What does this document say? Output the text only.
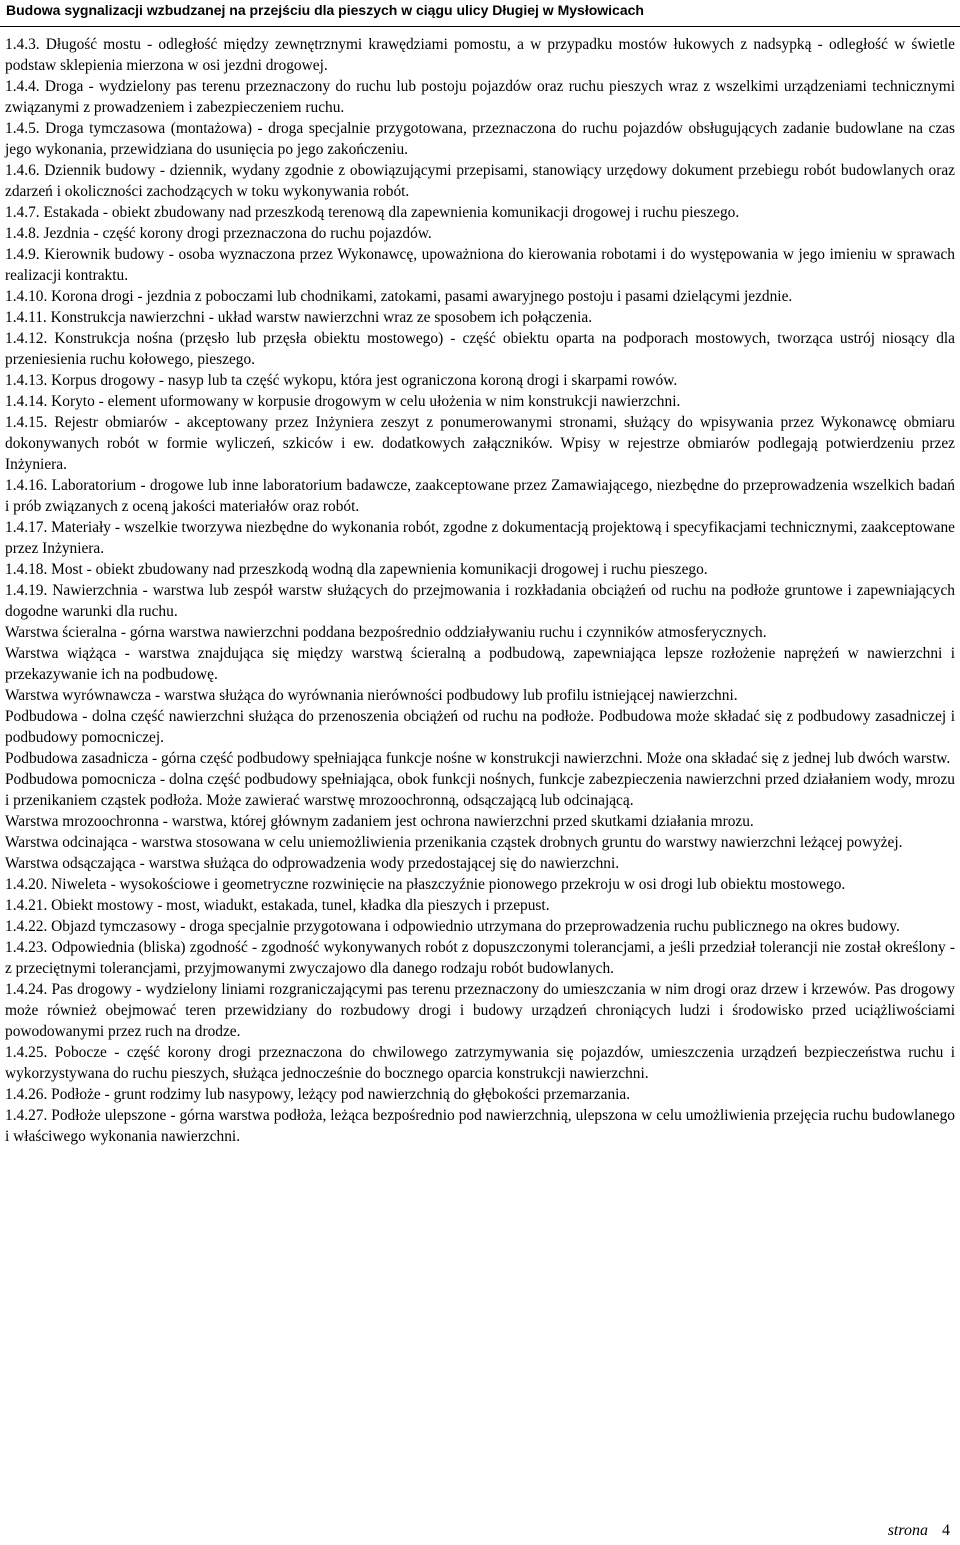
Budowa sygnalizacji wzbudzanej na przejściu dla pieszych w ciągu ulicy Długiej w Mysłowicach

1.4.3. Długość mostu - odległość między zewnętrznymi krawędziami pomostu, a w przypadku mostów łukowych z nadsypką - odległość w świetle podstaw sklepienia mierzona w osi jezdni drogowej.

1.4.4. Droga - wydzielony pas terenu przeznaczony do ruchu lub postoju pojazdów oraz ruchu pieszych wraz z wszelkimi urządzeniami technicznymi związanymi z prowadzeniem i zabezpieczeniem ruchu.

1.4.5. Droga tymczasowa (montażowa) - droga specjalnie przygotowana, przeznaczona do ruchu pojazdów obsługujących zadanie budowlane na czas jego wykonania, przewidziana do usunięcia po jego zakończeniu.

1.4.6. Dziennik budowy - dziennik, wydany zgodnie z obowiązującymi przepisami, stanowiący urzędowy dokument przebiegu robót budowlanych oraz zdarzeń i okoliczności zachodzących w toku wykonywania robót.

1.4.7. Estakada - obiekt zbudowany nad przeszkodą terenową dla zapewnienia komunikacji drogowej i ruchu pieszego.

1.4.8. Jezdnia - część korony drogi przeznaczona do ruchu pojazdów.

1.4.9. Kierownik budowy - osoba wyznaczona przez Wykonawcę, upoważniona do kierowania robotami i do występowania w jego imieniu w sprawach realizacji kontraktu.

1.4.10. Korona drogi - jezdnia z poboczami lub chodnikami, zatokami, pasami awaryjnego postoju i pasami dzielącymi jezdnie.

1.4.11. Konstrukcja nawierzchni - układ warstw nawierzchni wraz ze sposobem ich połączenia.

1.4.12. Konstrukcja nośna (przęsło lub przęsła obiektu mostowego) - część obiektu oparta na podporach mostowych, tworząca ustrój niosący dla przeniesienia ruchu kołowego, pieszego.

1.4.13. Korpus drogowy - nasyp lub ta część wykopu, która jest ograniczona koroną drogi i skarpami rowów.

1.4.14. Koryto - element uformowany w korpusie drogowym w celu ułożenia w nim konstrukcji nawierzchni.

1.4.15. Rejestr obmiarów - akceptowany przez Inżyniera zeszyt z ponumerowanymi stronami, służący do wpisywania przez Wykonawcę obmiaru dokonywanych robót w formie wyliczeń, szkiców i ew. dodatkowych załączników. Wpisy w rejestrze obmiarów podlegają potwierdzeniu przez Inżyniera.

1.4.16. Laboratorium - drogowe lub inne laboratorium badawcze, zaakceptowane przez Zamawiającego, niezbędne do przeprowadzenia wszelkich badań i prób związanych z oceną jakości materiałów oraz robót.

1.4.17. Materiały - wszelkie tworzywa niezbędne do wykonania robót, zgodne z dokumentacją projektową i specyfikacjami technicznymi, zaakceptowane przez Inżyniera.

1.4.18. Most - obiekt zbudowany nad przeszkodą wodną dla zapewnienia komunikacji drogowej i ruchu pieszego.

1.4.19. Nawierzchnia - warstwa lub zespół warstw służących do przejmowania i rozkładania obciążeń od ruchu na podłoże gruntowe i zapewniających dogodne warunki dla ruchu.

Warstwa ścieralna - górna warstwa nawierzchni poddana bezpośrednio oddziaływaniu ruchu i czynników atmosferycznych.

Warstwa wiążąca - warstwa znajdująca się między warstwą ścieralną a podbudową, zapewniająca lepsze rozłożenie naprężeń w nawierzchni i przekazywanie ich na podbudowę.

Warstwa wyrównawcza - warstwa służąca do wyrównania nierówności podbudowy lub profilu istniejącej nawierzchni.

Podbudowa - dolna część nawierzchni służąca do przenoszenia obciążeń od ruchu na podłoże. Podbudowa może składać się z podbudowy zasadniczej i podbudowy pomocniczej.

Podbudowa zasadnicza - górna część podbudowy spełniająca funkcje nośne w konstrukcji nawierzchni. Może ona składać się z jednej lub dwóch warstw.

Podbudowa pomocnicza - dolna część podbudowy spełniająca, obok funkcji nośnych, funkcje zabezpieczenia nawierzchni przed działaniem wody, mrozu i przenikaniem cząstek podłoża. Może zawierać warstwę mrozoochronną, odsączającą lub odcinającą.

Warstwa mrozoochronna - warstwa, której głównym zadaniem jest ochrona nawierzchni przed skutkami działania mrozu.

Warstwa odcinająca - warstwa stosowana w celu uniemożliwienia przenikania cząstek drobnych gruntu do warstwy nawierzchni leżącej powyżej.

Warstwa odsączająca - warstwa służąca do odprowadzenia wody przedostającej się do nawierzchni.

1.4.20. Niweleta - wysokościowe i geometryczne rozwinięcie na płaszczyźnie pionowego przekroju w osi drogi lub obiektu mostowego.

1.4.21. Obiekt mostowy - most, wiadukt, estakada, tunel, kładka dla pieszych i przepust.

1.4.22. Objazd tymczasowy - droga specjalnie przygotowana i odpowiednio utrzymana do przeprowadzenia ruchu publicznego na okres budowy.

1.4.23. Odpowiednia (bliska) zgodność - zgodność wykonywanych robót z dopuszczonymi tolerancjami, a jeśli przedział tolerancji nie został określony - z przeciętnymi tolerancjami, przyjmowanymi zwyczajowo dla danego rodzaju robót budowlanych.

1.4.24. Pas drogowy - wydzielony liniami rozgraniczającymi pas terenu przeznaczony do umieszczania w nim drogi oraz drzew i krzewów. Pas drogowy może również obejmować teren przewidziany do rozbudowy drogi i budowy urządzeń chroniących ludzi i środowisko przed uciążliwościami powodowanymi przez ruch na drodze.

1.4.25. Pobocze - część korony drogi przeznaczona do chwilowego zatrzymywania się pojazdów, umieszczenia urządzeń bezpieczeństwa ruchu i wykorzystywana do ruchu pieszych, służąca jednocześnie do bocznego oparcia konstrukcji nawierzchni.

1.4.26. Podłoże - grunt rodzimy lub nasypowy, leżący pod nawierzchnią do głębokości przemarzania.

1.4.27. Podłoże ulepszone - górna warstwa podłoża, leżąca bezpośrednio pod nawierzchnią, ulepszona w celu umożliwienia przejęcia ruchu budowlanego i właściwego wykonania nawierzchni.

strona 4
